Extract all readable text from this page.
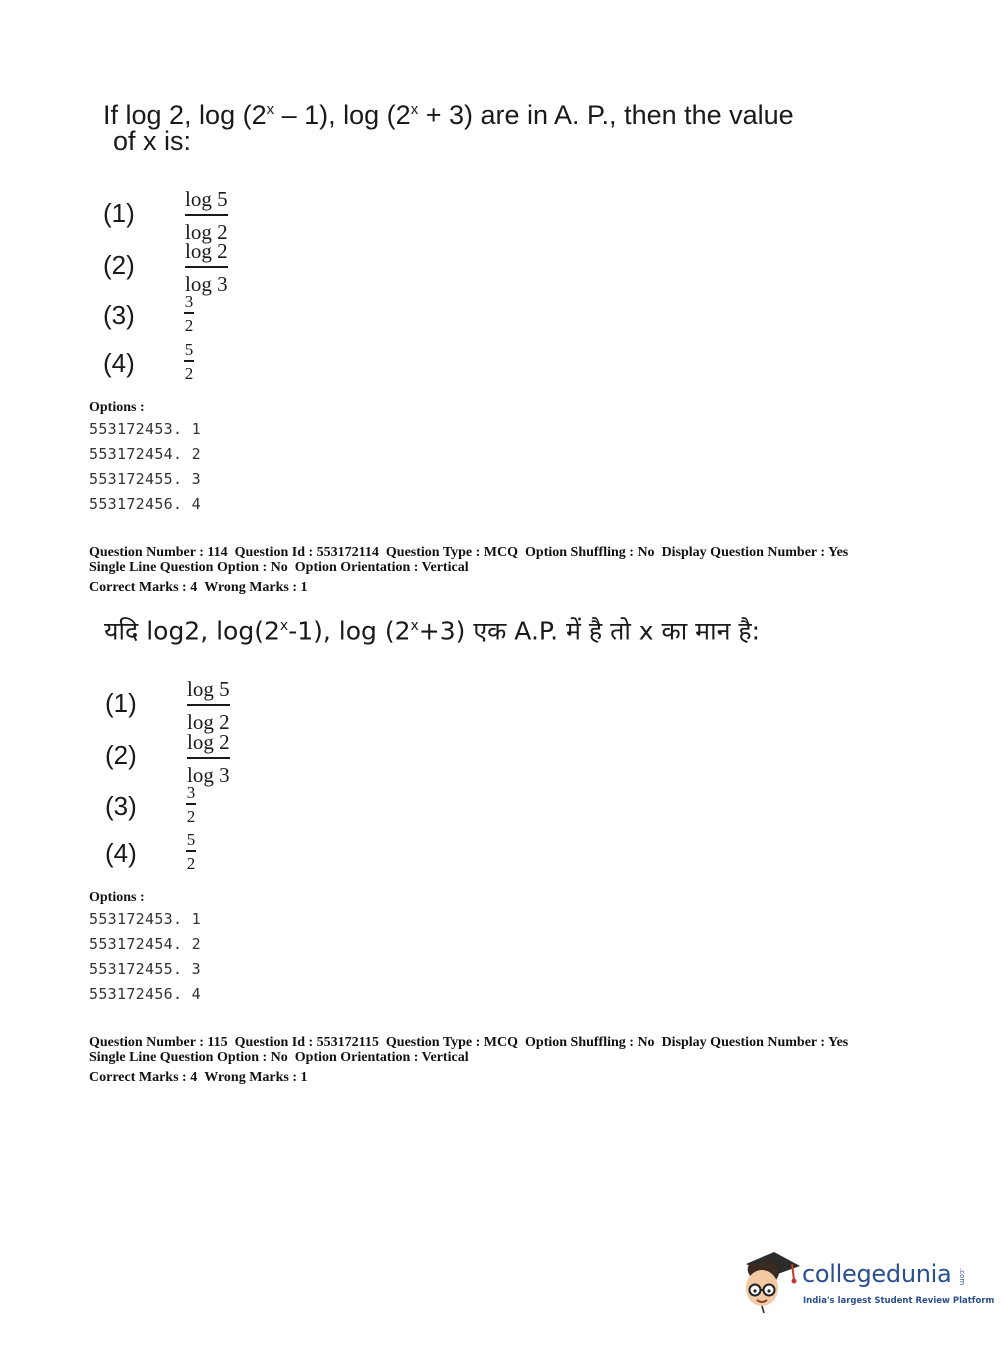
If log 2, log (2$^x$ – 1), $\log (2^x + 3)$ are in A. P., then the value
of x is:
(1) log 5
log 2
(2) log 2
log 3
(3)	3
2
(4)	5
2
Options :
553172453. 1
553172454. 2
553172455. 3
553172456. 4
Question Number : 114 Question Id : 553172114 Question Type : MCQ Option Shuffling : No Display Question Number : Yes
Single Line Question Option : No Option Orientation : Vertical
Correct Marks : 4 Wrong Marks : 1
यदि log2, log(2$^x$-1), $\log (2^x+3)$ एक A.P. में है तो x का मान है:
(1) log 5
log 2
(2) log 2
log 3
(3)	3
2
(4)	5
2
Options :
553172453. 1
553172454. 2
553172455. 3
553172456. 4
Question Number : 115 Question Id : 553172115 Question Type : MCQ Option Shuffling : No Display Question Number : Yes
Single Line Question Option : No Option Orientation : Vertical
Correct Marks : 4 Wrong Marks : 1
collegedunia .com
India's largest Student Review Platform
